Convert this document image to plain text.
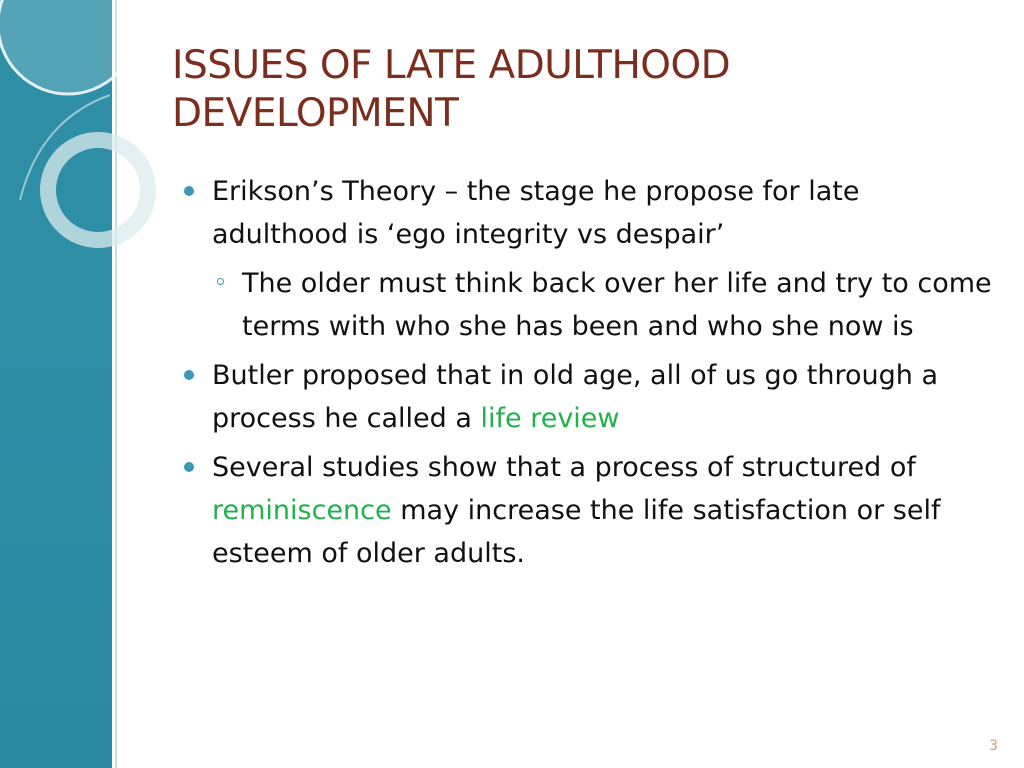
ISSUES OF LATE ADULTHOOD
DEVELOPMENT
Erikson’s Theory – the stage he propose for late adulthood is ‘ego integrity vs despair’
The older must think back over her life and try to come terms with who she has been and who she now is
Butler proposed that in old age, all of us go through a process he called a life review
Several studies show that a process of structured of reminiscence may increase the life satisfaction or self esteem of older adults.
3
